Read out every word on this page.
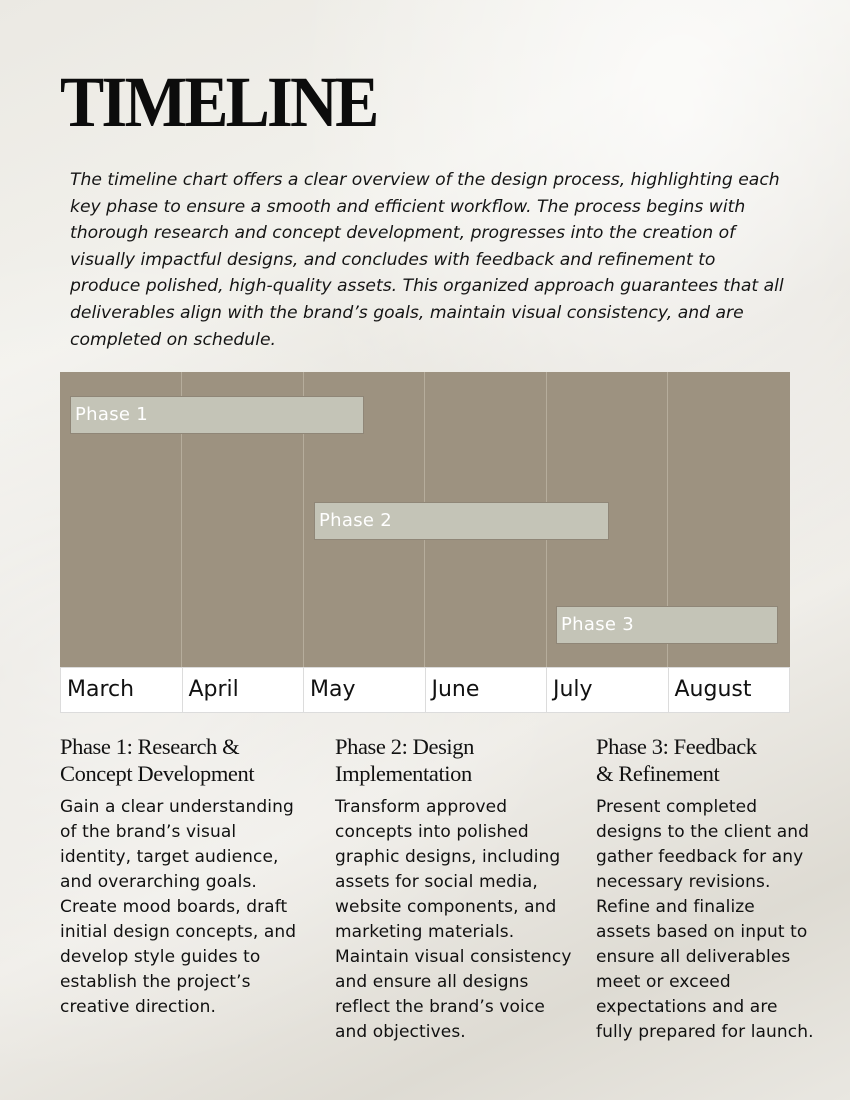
TIMELINE

The timeline chart offers a clear overview of the design process, highlighting each key phase to ensure a smooth and efficient workflow. The process begins with thorough research and concept development, progresses into the creation of visually impactful designs, and concludes with feedback and refinement to produce polished, high-quality assets. This organized approach guarantees that all deliverables align with the brand’s goals, maintain visual consistency, and are completed on schedule.

Phase 1
Phase 2
Phase 3
March	April	May	June	July	August
Phase 1: Research &
Concept Development

Gain a clear understanding of the brand’s visual identity, target audience, and overarching goals. Create mood boards, draft initial design concepts, and develop style guides to establish the project’s creative direction.

Phase 2: Design
Implementation

Transform approved concepts into polished graphic designs, including assets for social media, website components, and marketing materials. Maintain visual consistency and ensure all designs reflect the brand’s voice and objectives.

Phase 3: Feedback
& Refinement

Present completed designs to the client and gather feedback for any necessary revisions. Refine and finalize assets based on input to ensure all deliverables meet or exceed expectations and are fully prepared for launch.
